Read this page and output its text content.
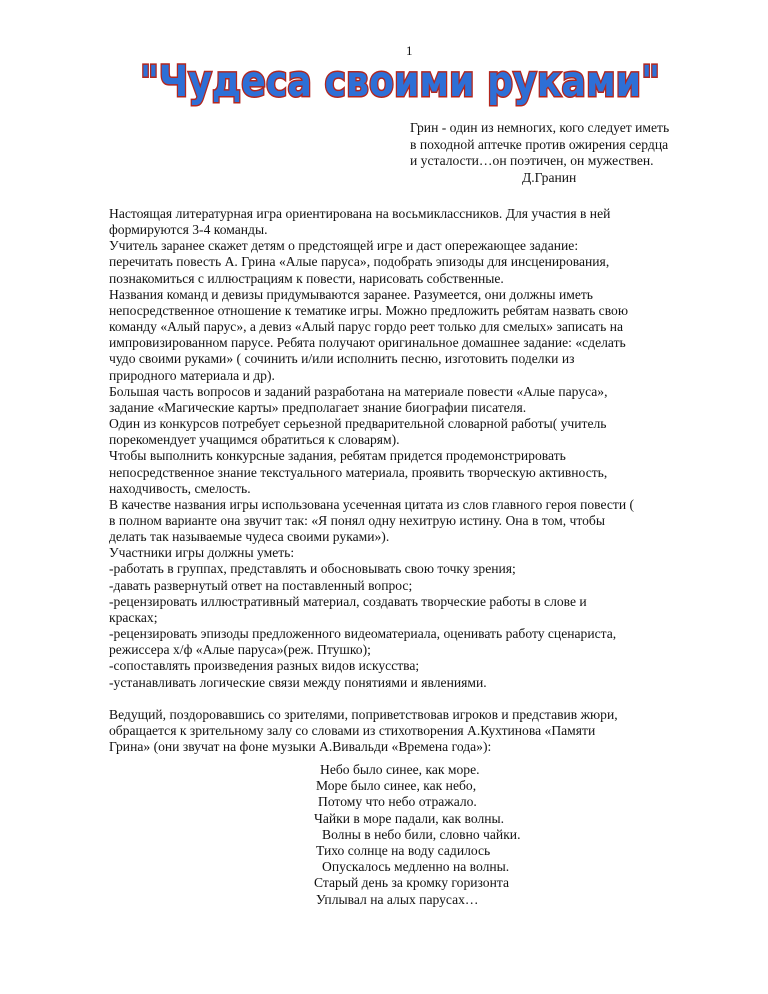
1
"Чудеса своими руками"
Грин - один из немногих, кого следует иметь
в походной аптечке против ожирения сердца
и усталости…он поэтичен, он мужествен.
Д.Гранин
Настоящая литературная игра ориентирована на восьмиклассников. Для участия в ней
формируются 3-4 команды.
Учитель заранее скажет детям о предстоящей игре и даст опережающее задание:
перечитать повесть А. Грина «Алые паруса», подобрать эпизоды для инсценирования,
познакомиться с иллюстрациям к повести, нарисовать собственные.
Названия команд и девизы придумываются заранее. Разумеется, они должны иметь
непосредственное отношение к тематике игры. Можно предложить ребятам назвать свою
команду «Алый парус», а девиз «Алый парус гордо реет только для смелых» записать на
импровизированном парусе. Ребята получают оригинальное домашнее задание: «сделать
чудо своими руками» ( сочинить и/или исполнить песню, изготовить поделки из
природного материала и др).
Большая часть вопросов и заданий разработана на материале повести «Алые паруса»,
задание «Магические карты» предполагает знание биографии писателя.
Один из конкурсов потребует серьезной предварительной словарной работы( учитель
порекомендует учащимся обратиться к словарям).
Чтобы выполнить конкурсные задания, ребятам придется продемонстрировать
непосредственное знание текстуального материала, проявить творческую активность,
находчивость, смелость.
В качестве названия игры использована усеченная цитата из слов главного героя повести (
в полном варианте она звучит так: «Я понял одну нехитрую истину. Она в том, чтобы
делать так называемые чудеса своими руками»).
Участники игры должны уметь:
-работать в группах, представлять и обосновывать свою точку зрения;
-давать развернутый ответ на поставленный вопрос;
-рецензировать иллюстративный материал, создавать творческие работы в слове и
красках;
-рецензировать эпизоды предложенного видеоматериала, оценивать работу сценариста,
режиссера х/ф «Алые паруса»(реж. Птушко);
-сопоставлять произведения разных видов искусства;
-устанавливать логические связи между понятиями и явлениями.
Ведущий, поздоровавшись со зрителями, поприветствовав игроков и представив жюри,
обращается к зрительному залу со словами из стихотворения А.Кухтинова «Памяти
Грина» (они звучат на фоне музыки А.Вивальди «Времена года»):
Небо было синее, как море.
Море было синее, как небо,
Потому что небо отражало.
Чайки в море падали, как волны.
Волны в небо били, словно чайки.
Тихо солнце на воду садилось
Опускалось медленно на волны.
Старый день за кромку горизонта
Уплывал на алых парусах…
